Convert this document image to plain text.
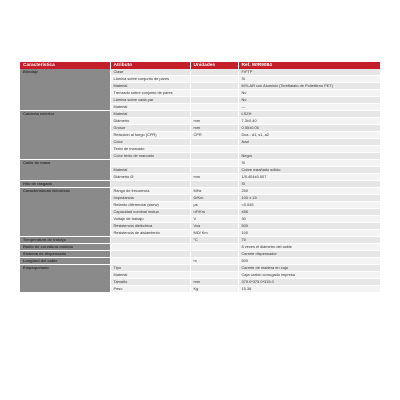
Característica	Atributo	Unidades	Ref. WIR9084
Blindaje	Clase		F/FTP
	Lámina sobre conjunto de pares		Si
	Material		MYLAR con Aluminio (Tereftalato de Polietileno PET)
	Trenzado sobre conjunto de pares		No
	Lámina sobre cada par		No
	Material		—
Cubierta exterior	Material		LSZH
	Diámetro	mm	7.3±0.40
	Grosor	mm	0.55±0.05
	Reacción al fuego (CPR)	CPR	Dca - d1, s1, a2
	Color		Azul
	Texto de marcado		
	Color texto de marcado		Negro
Cable de masa			Si
	Material		Cobre estañado sólido
	Diámetro Ø	mm	1/0.404±0.007
Hilo de rasgado			Si
Características eléctricas	Rango de frecuencia	MHz	250
	Impedancia	Ω/Km	100 ± 15
	Retardo diferencial (skew)	μs	<0.045
	Capacidad nominal mutua	nF/Km	≤56
	Voltaje de trabajo	V	30
	Resistencia dieléctrica	Vca	500
	Resistencia de aislamiento	MΩ/ Km	100
Temperatura de trabajo		°C	75
Radio de curvatura mínimo			8 veces el diámetro del cable
Sistema de dispensado			Carrete dispensador
Longitud del cable		m	500
Empaquetado	Tipo		Carrete de madera en caja
	Material		Caja cartón corrugado impresa
	Tamaño	mm	375.0*375.0*315.0
	Peso	Kg	15.36
